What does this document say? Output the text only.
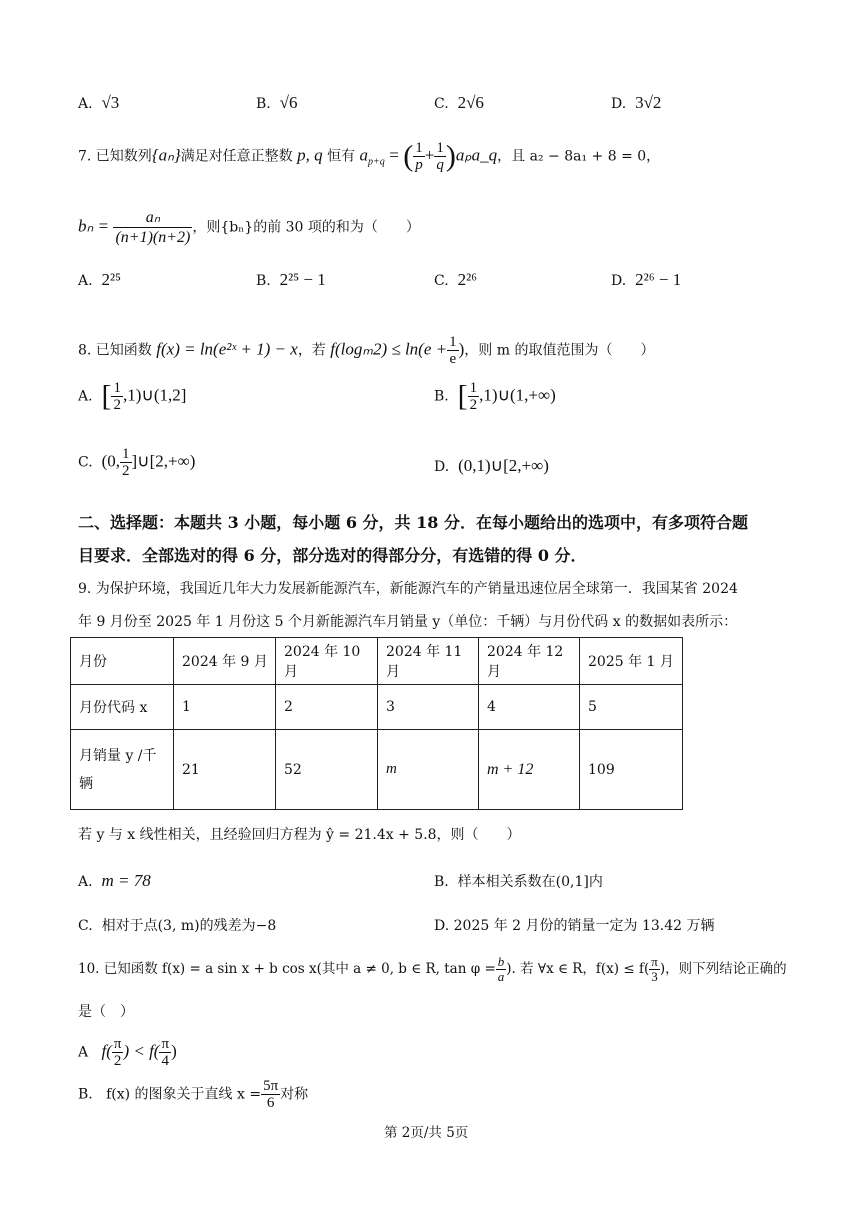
A. √3	B. √6	C. 2√6	D. 3√2
7. 已知数列{aₙ}满足对任意正整数 p, q 恒有 $a_{p+q}$ = ( $\frac{1}{p} + \frac{1}{q}$ )aₚa_q，且 a₂ − 8a₁ + 8 = 0，
$b_n = \frac{\text{aₙ}}{(n+1)(n+2)}$ ，则{bₙ}的前 30 项的和为（　　）
A. 2²⁵	B. 2²⁵ − 1	C. 2²⁶	D. 2²⁶ − 1
8. 已知函数 f(x) = ln(e²ˣ + 1) − x，若 $f(\log_m2) \le \ln(e + \frac{1}{e}$ )，则 m 的取值范围为（　　）
A. [ $\frac{1}{2}$ ,1)∪(1,2]	B. [ $\frac{1}{2}$ ,1)∪(1,+∞)
C. (0, $\frac{1}{2}$ ]∪[2,+∞)	D. (0,1)∪[2,+∞)
二、选择题：本题共 3 小题，每小题 6 分，共 18 分．在每小题给出的选项中，有多项符合题
目要求．全部选对的得 6 分，部分选对的得部分分，有选错的得 0 分．
9. 为保护环境，我国近几年大力发展新能源汽车，新能源汽车的产销量迅速位居全球第一．我国某省 2024
年 9 月份至 2025 年 1 月份这 5 个月新能源汽车月销量 y（单位：千辆）与月份代码 x 的数据如表所示：
月份	2024 年 9 月	2024 年 10 月	2024 年 11 月	2024 年 12 月	2025 年 1 月
月份代码 x	1	2	3	4	5
月销量 y /千
辆	21	52	m	m + 12	109
若 y 与 x 线性相关，且经验回归方程为 ŷ = 21.4x + 5.8，则（　　）
A. m = 78	B. 样本相关系数在(0,1]内
C. 相对于点(3, m)的残差为−8	D. 2025 年 2 月份的销量一定为 13.42 万辆
10. 已知函数 f(x) = a sin x + b cos x(其中 a ≠ 0, b ∈ R, $\tan \varphi = \frac{b}{a}$ ). 若 ∀x ∈ R，$f(x) \le f( \frac{\pi}{3}$ )，则下列结论正确的
是（　）
A $f( \frac{\pi}{2}$ ) < $f( \frac{\pi}{4}$ )
B. f(x) 的图象关于直线 $x = \frac{5\pi}{6}$ 对称
第 2页/共 5页
